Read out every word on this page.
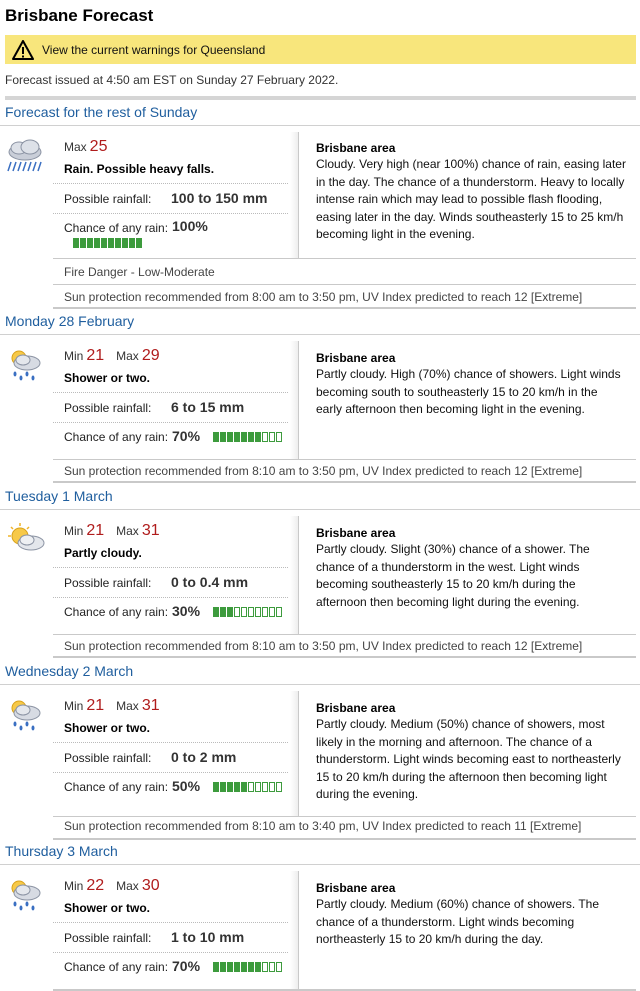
Brisbane Forecast
View the current warnings for Queensland
Forecast issued at 4:50 am EST on Sunday 27 February 2022.
Forecast for the rest of Sunday
Max 25
Rain. Possible heavy falls.
Possible rainfall: 100 to 150 mm
Chance of any rain: 100%
Brisbane area
Cloudy. Very high (near 100%) chance of rain, easing later in the day. The chance of a thunderstorm. Heavy to locally intense rain which may lead to possible flash flooding, easing later in the day. Winds southeasterly 15 to 25 km/h becoming light in the evening.
Fire Danger - Low-Moderate
Sun protection recommended from 8:00 am to 3:50 pm, UV Index predicted to reach 12 [Extreme]
Monday 28 February
Min 21 Max 29
Shower or two.
Possible rainfall: 6 to 15 mm
Chance of any rain: 70%
Brisbane area
Partly cloudy. High (70%) chance of showers. Light winds becoming south to southeasterly 15 to 20 km/h in the early afternoon then becoming light in the evening.
Sun protection recommended from 8:10 am to 3:50 pm, UV Index predicted to reach 12 [Extreme]
Tuesday 1 March
Min 21 Max 31
Partly cloudy.
Possible rainfall: 0 to 0.4 mm
Chance of any rain: 30%
Brisbane area
Partly cloudy. Slight (30%) chance of a shower. The chance of a thunderstorm in the west. Light winds becoming southeasterly 15 to 20 km/h during the afternoon then becoming light during the evening.
Sun protection recommended from 8:10 am to 3:50 pm, UV Index predicted to reach 12 [Extreme]
Wednesday 2 March
Min 21 Max 31
Shower or two.
Possible rainfall: 0 to 2 mm
Chance of any rain: 50%
Brisbane area
Partly cloudy. Medium (50%) chance of showers, most likely in the morning and afternoon. The chance of a thunderstorm. Light winds becoming east to northeasterly 15 to 20 km/h during the afternoon then becoming light during the evening.
Sun protection recommended from 8:10 am to 3:40 pm, UV Index predicted to reach 11 [Extreme]
Thursday 3 March
Min 22 Max 30
Shower or two.
Possible rainfall: 1 to 10 mm
Chance of any rain: 70%
Brisbane area
Partly cloudy. Medium (60%) chance of showers. The chance of a thunderstorm. Light winds becoming northeasterly 15 to 20 km/h during the day.
